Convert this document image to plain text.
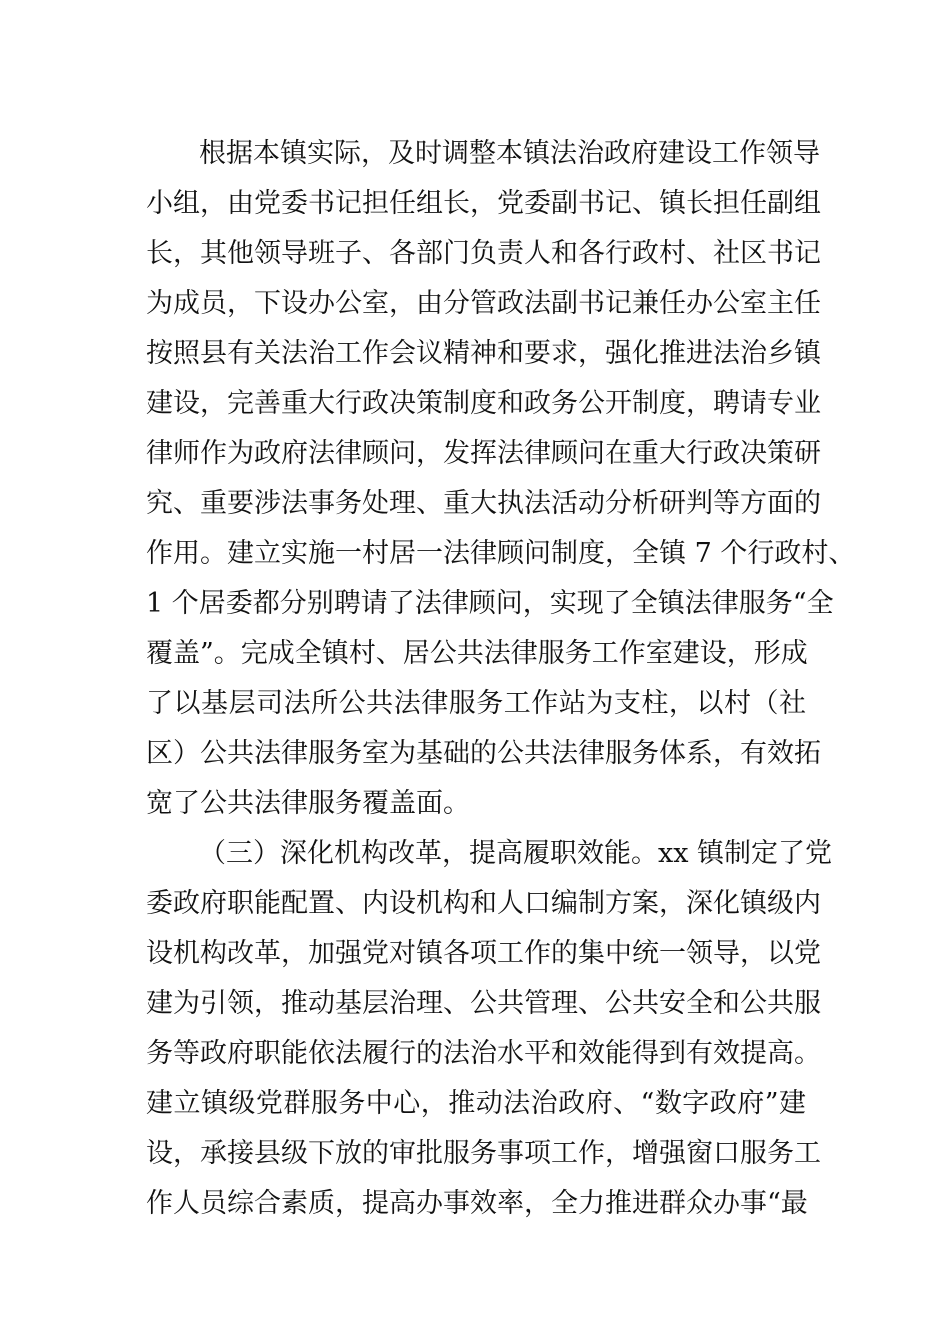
根据本镇实际，及时调整本镇法治政府建设工作领导
小组，由党委书记担任组长，党委副书记、镇长担任副组
长，其他领导班子、各部门负责人和各行政村、社区书记
为成员，下设办公室，由分管政法副书记兼任办公室主任
按照县有关法治工作会议精神和要求，强化推进法治乡镇
建设，完善重大行政决策制度和政务公开制度，聘请专业
律师作为政府法律顾问，发挥法律顾问在重大行政决策研
究、重要涉法事务处理、重大执法活动分析研判等方面的
作用。建立实施一村居一法律顾问制度，全镇 7 个行政村、
1 个居委都分别聘请了法律顾问，实现了全镇法律服务“全
覆盖”。完成全镇村、居公共法律服务工作室建设，形成
了以基层司法所公共法律服务工作站为支柱，以村（社
区）公共法律服务室为基础的公共法律服务体系，有效拓
宽了公共法律服务覆盖面。
（三）深化机构改革，提高履职效能。xx 镇制定了党
委政府职能配置、内设机构和人口编制方案，深化镇级内
设机构改革，加强党对镇各项工作的集中统一领导，以党
建为引领，推动基层治理、公共管理、公共安全和公共服
务等政府职能依法履行的法治水平和效能得到有效提高。
建立镇级党群服务中心，推动法治政府、“数字政府”建
设，承接县级下放的审批服务事项工作，增强窗口服务工
作人员综合素质，提高办事效率，全力推进群众办事“最
